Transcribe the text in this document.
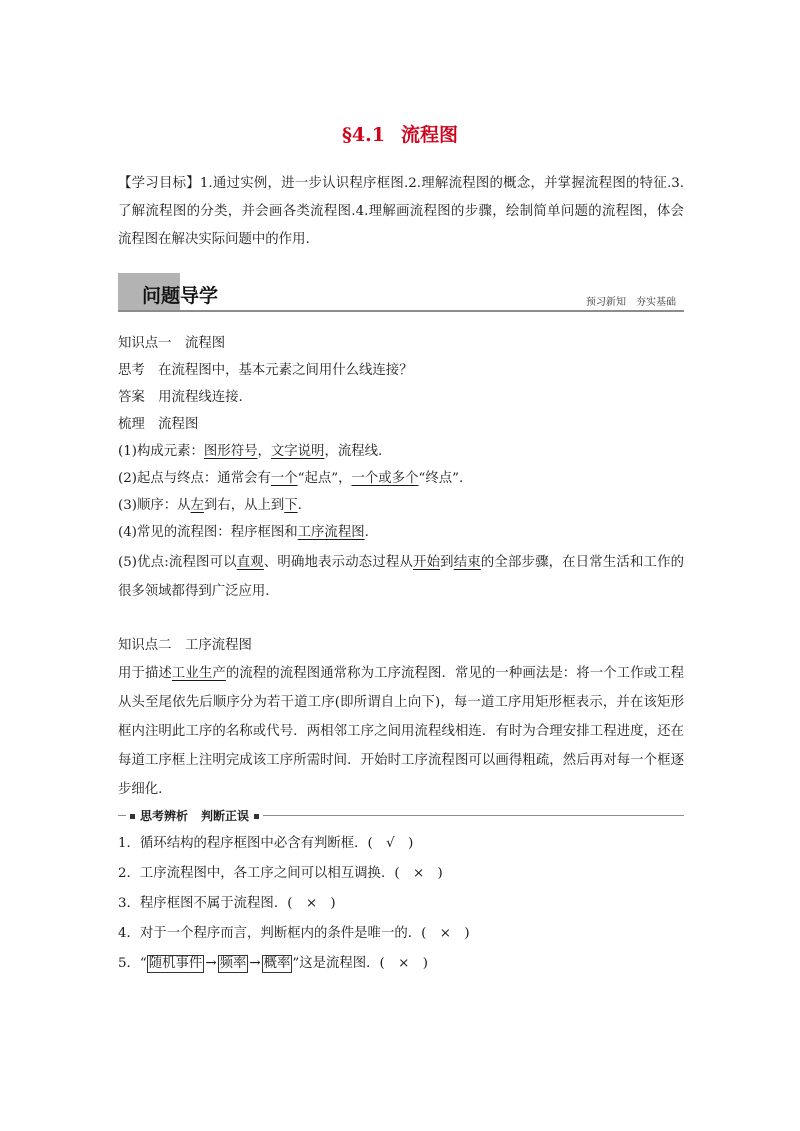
§4.1 流程图
【学习目标】1.通过实例，进一步认识程序框图.2.理解流程图的概念，并掌握流程图的特征.3.了解流程图的分类，并会画各类流程图.4.理解画流程图的步骤，绘制简单问题的流程图，体会流程图在解决实际问题中的作用.
问题导学	预习新知 夯实基础
知识点一　流程图
思考　在流程图中，基本元素之间用什么线连接？
答案　用流程线连接.
梳理　流程图
(1)构成元素：图形符号，文字说明，流程线.
(2)起点与终点：通常会有一个“起点”，一个或多个“终点”.
(3)顺序：从左到右，从上到下.
(4)常见的流程图：程序框图和工序流程图.
(5)优点:流程图可以直观、明确地表示动态过程从开始到结束的全部步骤，在日常生活和工作的很多领域都得到广泛应用.
知识点二　工序流程图
用于描述工业生产的流程的流程图通常称为工序流程图．常见的一种画法是：将一个工作或工程从头至尾依先后顺序分为若干道工序(即所谓自上向下)，每一道工序用矩形框表示，并在该矩形框内注明此工序的名称或代号．两相邻工序之间用流程线相连．有时为合理安排工程进度，还在每道工序框上注明完成该工序所需时间．开始时工序流程图可以画得粗疏，然后再对每一个框逐步细化.
思考辨析 判断正误
1．循环结构的程序框图中必含有判断框．(　√　)
2．工序流程图中，各工序之间可以相互调换．(　×　)
3．程序框图不属于流程图．(　×　)
4．对于一个程序而言，判断框内的条件是唯一的．(　×　)
5．“ 随机事件 → 频率 → 概率 ”这是流程图．(　×　)
